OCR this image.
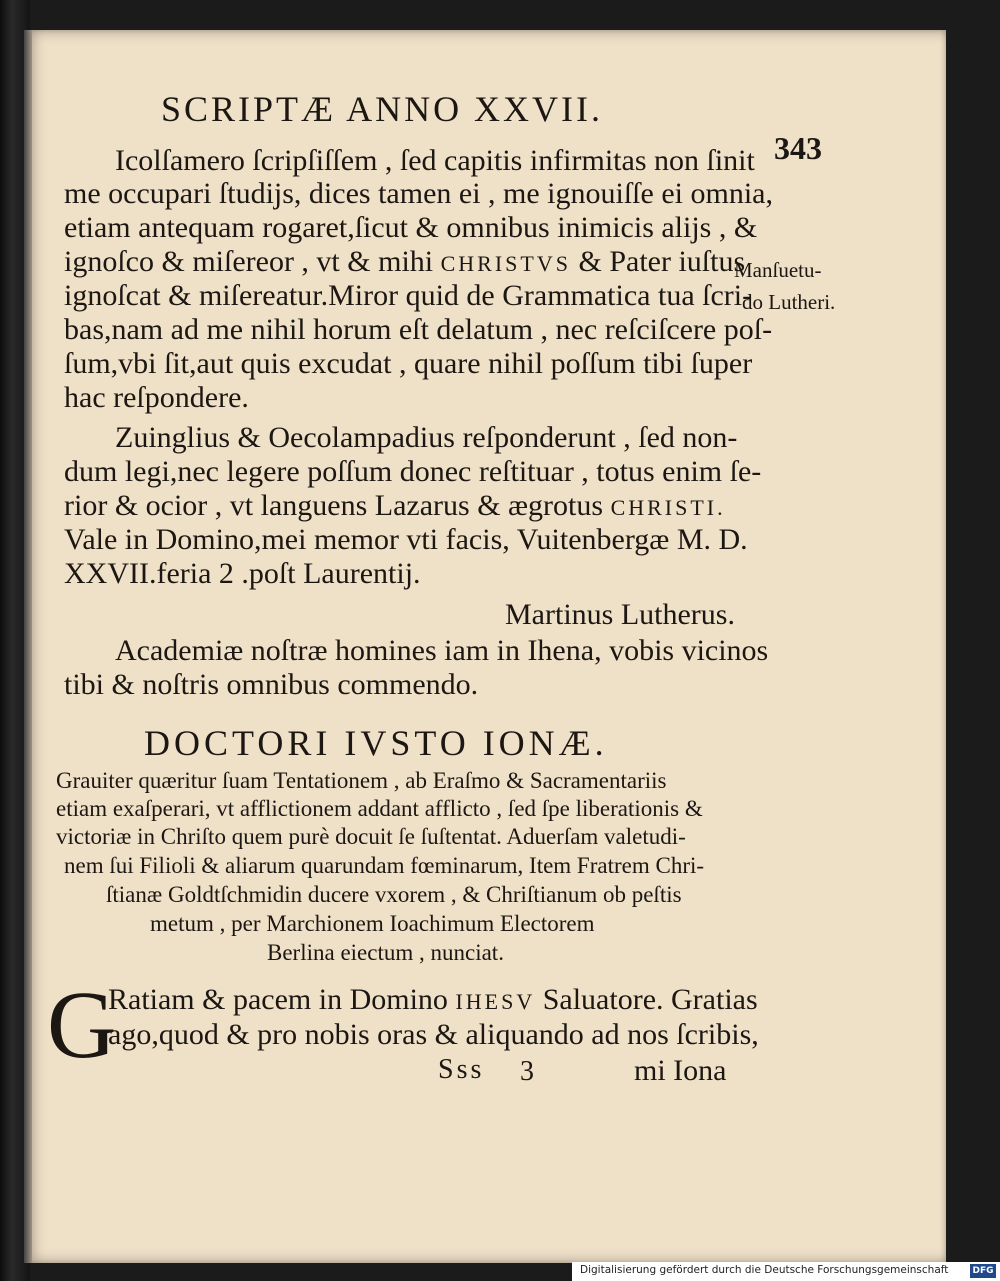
SCRIPTÆ ANNO XXVII.
343
Icolſamero ſcripſiſſem , ſed capitis infirmitas non ſinit
me occupari ſtudijs, dices tamen ei , me ignouiſſe ei omnia,
etiam antequam rogaret,ſicut & omnibus inimicis alijs , &
ignoſco & miſereor , vt & mihi CHRISTVS & Pater iuſtus
ignoſcat & miſereatur.Miror quid de Grammatica tua ſcri-
bas,nam ad me nihil horum eſt delatum , nec reſciſcere poſ-
ſum,vbi ſit,aut quis excudat , quare nihil poſſum tibi ſuper
hac reſpondere.
Zuinglius & Oecolampadius reſponderunt , ſed non-
dum legi,nec legere poſſum donec reſtituar , totus enim ſe-
rior & ocior , vt languens Lazarus & ægrotus CHRISTI.
Vale in Domino,mei memor vti facis, Vuitenbergæ M. D.
XXVII.feria 2 .poſt Laurentij.
Manſuetu-
do Lutheri.
Martinus Lutherus.
Academiæ noſtræ homines iam in Ihena, vobis vicinos
tibi & noſtris omnibus commendo.
DOCTORI IVSTO IONÆ.
Grauiter quæritur ſuam Tentationem , ab Eraſmo & Sacramentariis
etiam exaſperari, vt afflictionem addant afflicto , ſed ſpe liberationis &
victoriæ in Chriſto quem purè docuit ſe ſuſtentat. Aduerſam valetudi-
nem ſui Filioli & aliarum quarundam fœminarum, Item Fratrem Chri-
ſtianæ Goldtſchmidin ducere vxorem , & Chriſtianum ob peſtis
metum , per Marchionem Ioachimum Electorem
Berlina eiectum , nunciat.
G
Ratiam & pacem in Domino IHESV Saluatore. Gratias
ago,quod & pro nobis oras & aliquando ad nos ſcribis,
Sss 3	mi Iona
Digitalisierung gefördert durch die Deutsche Forschungsgemeinschaft	DFG
